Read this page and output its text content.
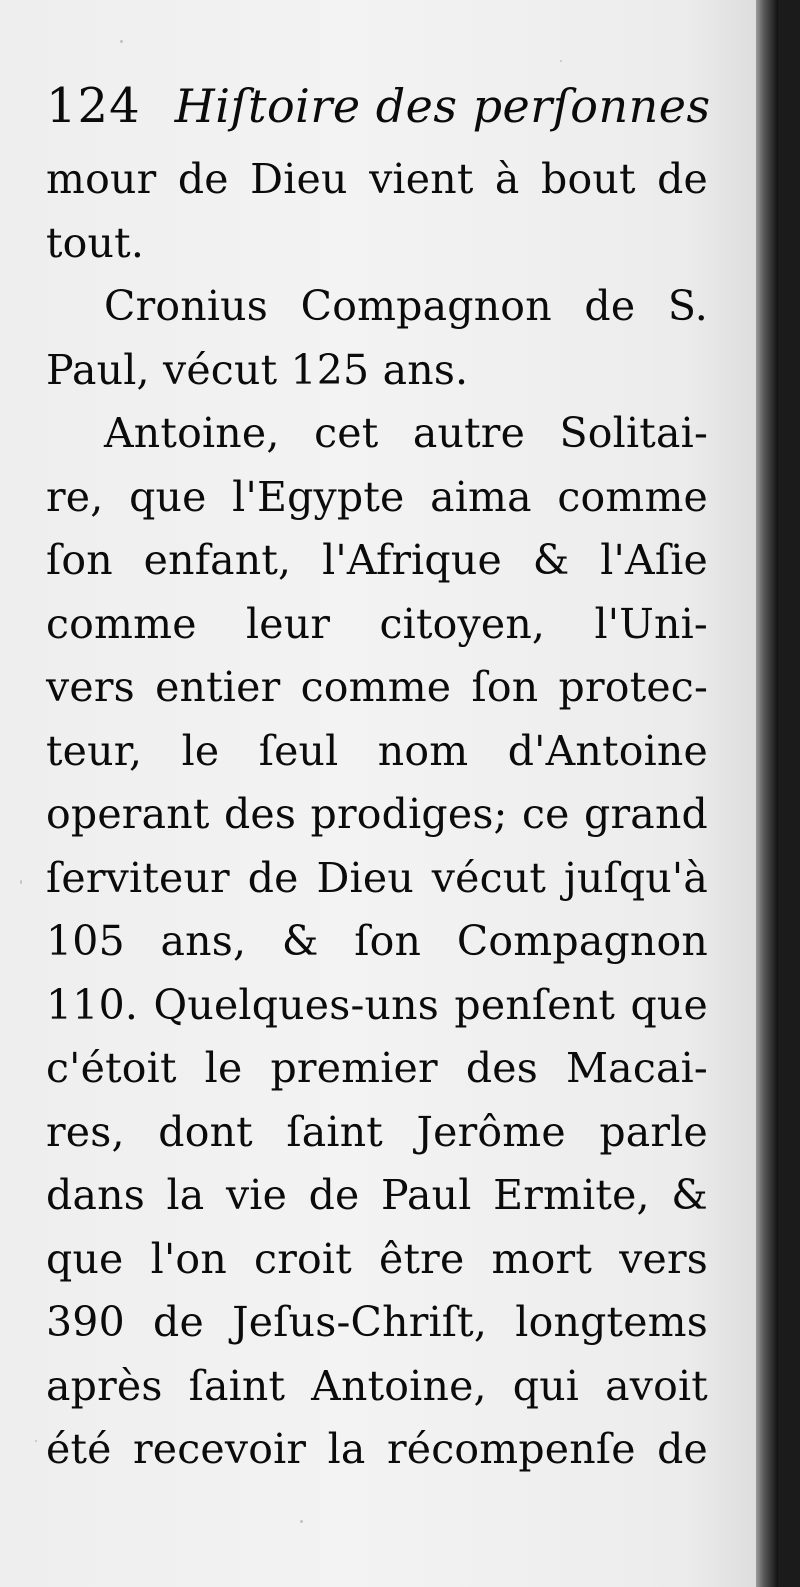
124 Hiſtoire des perſonnes
mour de Dieu vient à bout de
tout.
Cronius Compagnon de S.
Paul, vécut 125 ans.
Antoine, cet autre Solitai-
re, que l'Egypte aima comme
ſon enfant, l'Afrique & l'Aſie
comme leur citoyen, l'Uni-
vers entier comme ſon protec-
teur, le ſeul nom d'Antoine
operant des prodiges; ce grand
ſerviteur de Dieu vécut juſqu'à
105 ans, & ſon Compagnon
110. Quelques-uns penſent que
c'étoit le premier des Macai-
res, dont ſaint Jerôme parle
dans la vie de Paul Ermite, &
que l'on croit être mort vers
390 de Jeſus-Chriſt, longtems
après ſaint Antoine, qui avoit
été recevoir la récompenſe de
